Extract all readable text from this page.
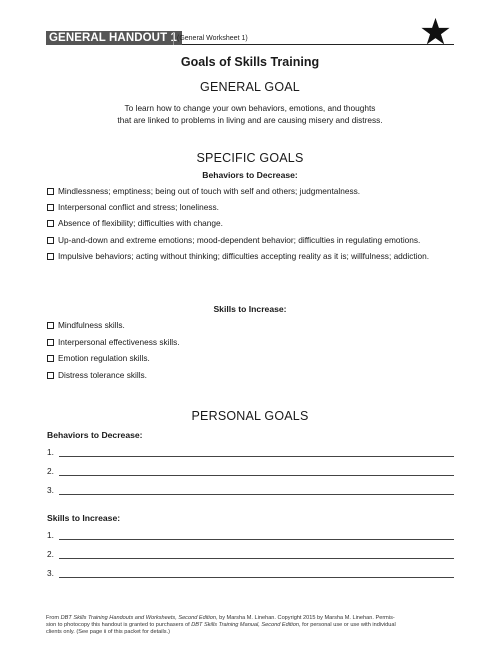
GENERAL HANDOUT 1 (General Worksheet 1)
Goals of Skills Training
GENERAL GOAL
To learn how to change your own behaviors, emotions, and thoughts
that are linked to problems in living and are causing misery and distress.
SPECIFIC GOALS
Behaviors to Decrease:
Mindlessness; emptiness; being out of touch with self and others; judgmentalness.
Interpersonal conflict and stress; loneliness.
Absence of flexibility; difficulties with change.
Up-and-down and extreme emotions; mood-dependent behavior; difficulties in regulating emotions.
Impulsive behaviors; acting without thinking; difficulties accepting reality as it is; willfulness; addiction.
Skills to Increase:
Mindfulness skills.
Interpersonal effectiveness skills.
Emotion regulation skills.
Distress tolerance skills.
PERSONAL GOALS
Behaviors to Decrease:
1.
2.
3.
Skills to Increase:
1.
2.
3.
From DBT Skills Training Handouts and Worksheets, Second Edition, by Marsha M. Linehan. Copyright 2015 by Marsha M. Linehan. Permis-
sion to photocopy this handout is granted to purchasers of DBT Skills Training Manual, Second Edition, for personal use or use with individual
clients only. (See page ii of this packet for details.)
